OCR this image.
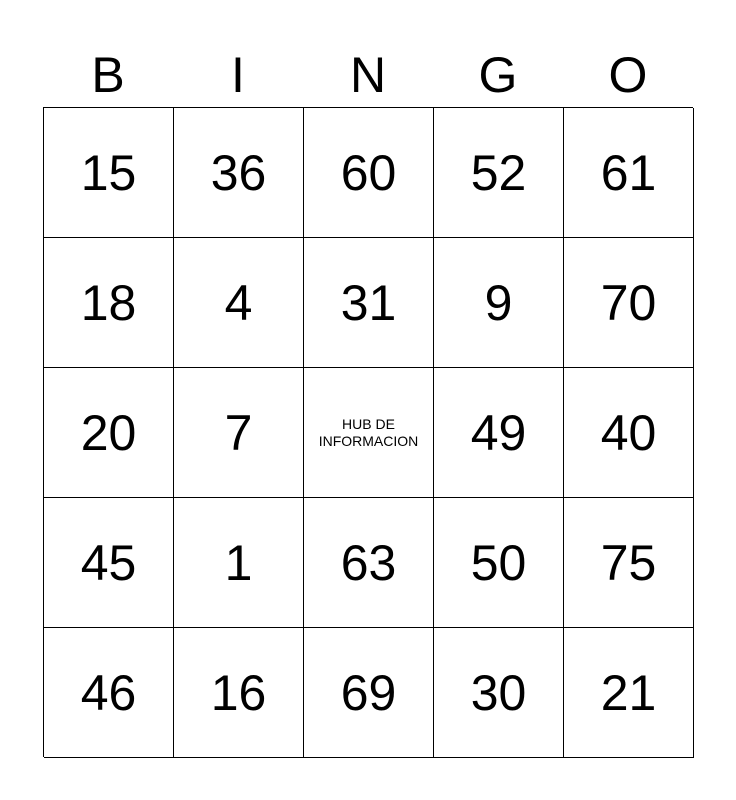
B	I	N	G	O
15	36	60	52	61
18	4	31	9	70
20	7	HUB DE INFORMACION	49	40
45	1	63	50	75
46	16	69	30	21
